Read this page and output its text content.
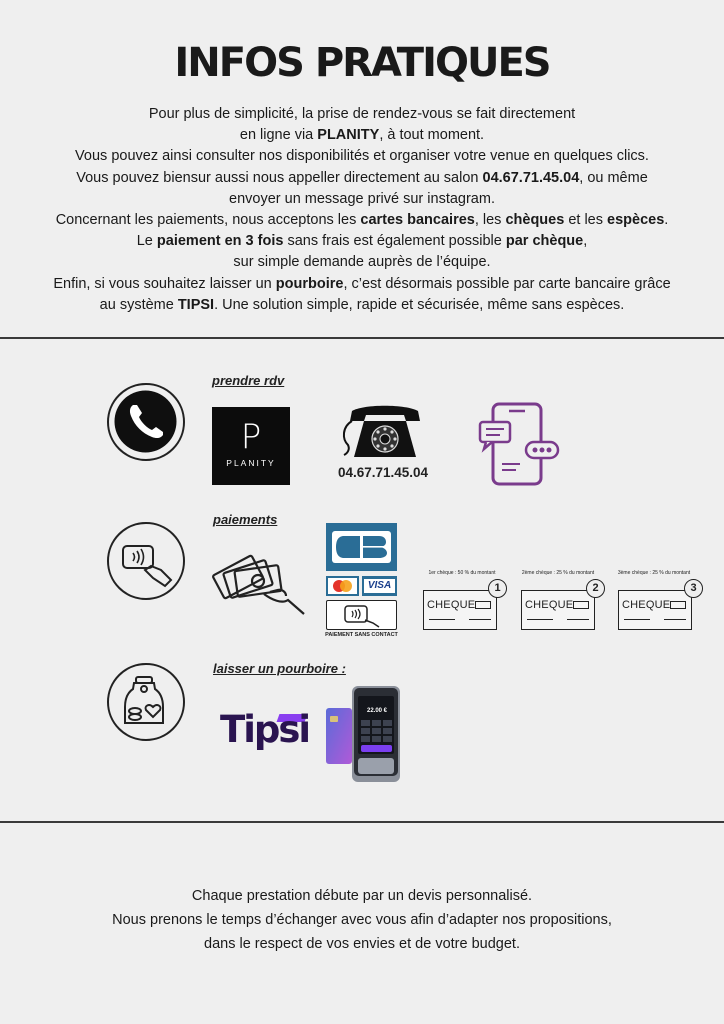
INFOS PRATIQUES

Pour plus de simplicité, la prise de rendez-vous se fait directement

en ligne via PLANITY, à tout moment.

Vous pouvez ainsi consulter nos disponibilités et organiser votre venue en quelques clics.

Vous pouvez biensur aussi nous appeller directement au salon 04.67.71.45.04, ou même

envoyer un message privé sur instagram.

Concernant les paiements, nous acceptons les cartes bancaires, les chèques et les espèces.

Le paiement en 3 fois sans frais est également possible par chèque,

sur simple demande auprès de l’équipe.

Enfin, si vous souhaitez laisser un pourboire, c’est désormais possible par carte bancaire grâce

au système TIPSI. Une solution simple, rapide et sécurisée, même sans espèces.

prendre rdv
P
PLANITY
04.67.71.45.04
paiements
VISA
PAIEMENT SANS CONTACT
1er chèque : 50 % du montant
CHEQUE
1
2ème chèque : 25 % du montant
CHEQUE
2
3ème chèque : 25 % du montant
CHEQUE
3
laisser un pourboire :
Tipsi	22.00 €

Chaque prestation débute par un devis personnalisé.

Nous prenons le temps d’échanger avec vous afin d’adapter nos propositions,

dans le respect de vos envies et de votre budget.
